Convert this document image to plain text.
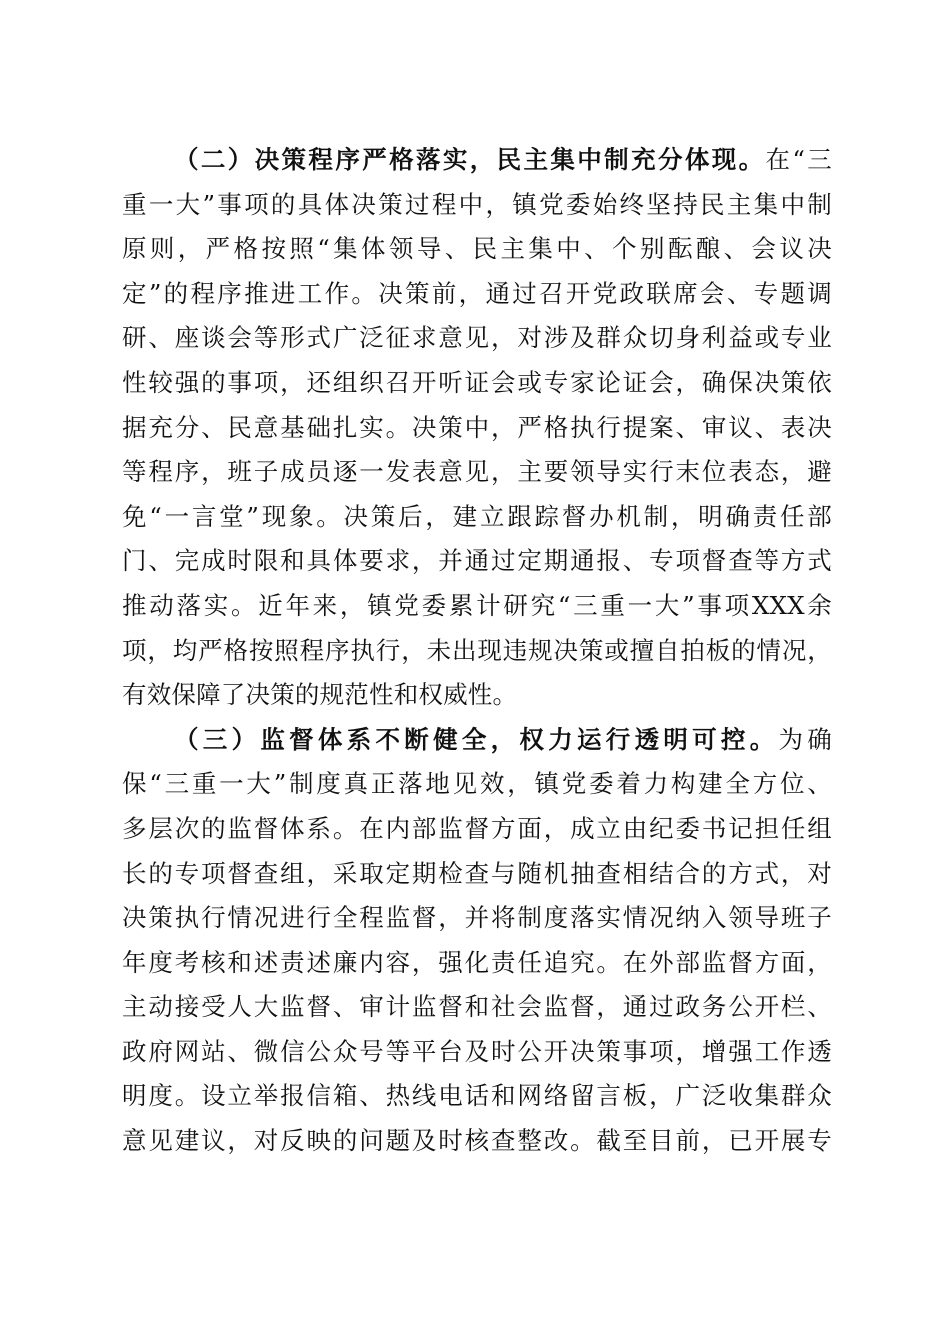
（二）决策程序严格落实，民主集中制充分体现。在“三
重一大”事项的具体决策过程中，镇党委始终坚持民主集中制
原则，严格按照“集体领导、民主集中、个别酝酿、会议决
定”的程序推进工作。决策前，通过召开党政联席会、专题调
研、座谈会等形式广泛征求意见，对涉及群众切身利益或专业
性较强的事项，还组织召开听证会或专家论证会，确保决策依
据充分、民意基础扎实。决策中，严格执行提案、审议、表决
等程序，班子成员逐一发表意见，主要领导实行末位表态，避
免“一言堂”现象。决策后，建立跟踪督办机制，明确责任部
门、完成时限和具体要求，并通过定期通报、专项督查等方式
推动落实。近年来，镇党委累计研究“三重一大”事项XXX余
项，均严格按照程序执行，未出现违规决策或擅自拍板的情况，
有效保障了决策的规范性和权威性。
（三）监督体系不断健全，权力运行透明可控。为确
保“三重一大”制度真正落地见效，镇党委着力构建全方位、
多层次的监督体系。在内部监督方面，成立由纪委书记担任组
长的专项督查组，采取定期检查与随机抽查相结合的方式，对
决策执行情况进行全程监督，并将制度落实情况纳入领导班子
年度考核和述责述廉内容，强化责任追究。在外部监督方面，
主动接受人大监督、审计监督和社会监督，通过政务公开栏、
政府网站、微信公众号等平台及时公开决策事项，增强工作透
明度。设立举报信箱、热线电话和网络留言板，广泛收集群众
意见建议，对反映的问题及时核查整改。截至目前，已开展专
